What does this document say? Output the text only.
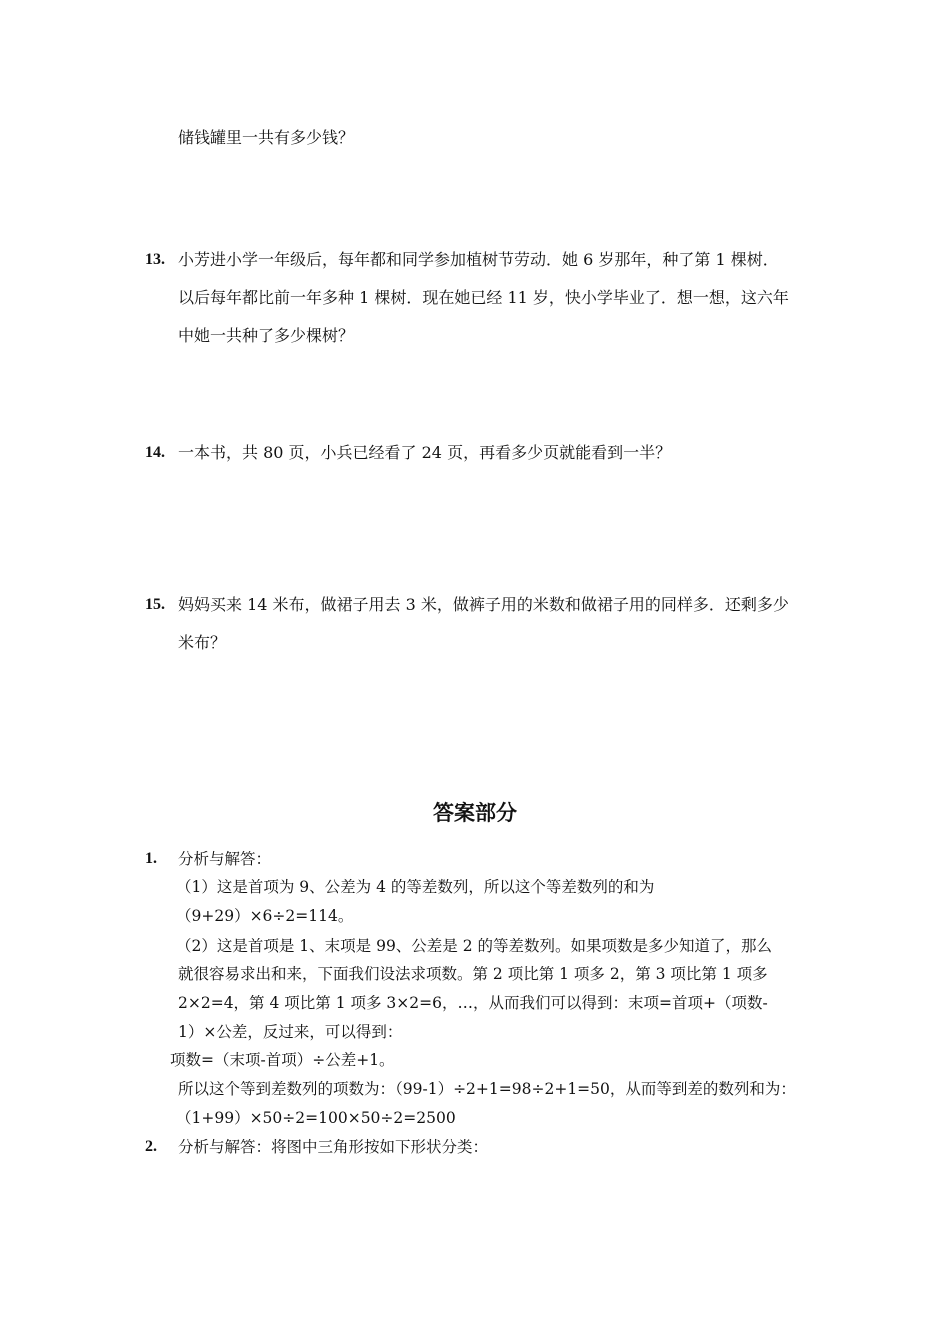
储钱罐里一共有多少钱？
13. 小芳进小学一年级后，每年都和同学参加植树节劳动．她 6 岁那年，种了第 1 棵树．
以后每年都比前一年多种 1 棵树．现在她已经 11 岁，快小学毕业了．想一想，这六年
中她一共种了多少棵树？
14. 一本书，共 80 页，小兵已经看了 24 页，再看多少页就能看到一半？
15. 妈妈买来 14 米布，做裙子用去 3 米，做裤子用的米数和做裙子用的同样多．还剩多少
米布？
答案部分
1. 分析与解答：
（1）这是首项为 9、公差为 4 的等差数列，所以这个等差数列的和为
（9+29）×6÷2=114。
（2）这是首项是 1、末项是 99、公差是 2 的等差数列。如果项数是多少知道了，那么
就很容易求出和来，下面我们设法求项数。第 2 项比第 1 项多 2，第 3 项比第 1 项多
2×2=4，第 4 项比第 1 项多 3×2=6，…，从而我们可以得到：末项=首项+（项数-
1）×公差，反过来，可以得到：
项数=（末项-首项）÷公差+1。
所以这个等到差数列的项数为：（99-1）÷2+1=98÷2+1=50，从而等到差的数列和为：
（1+99）×50÷2=100×50÷2=2500
2. 分析与解答：将图中三角形按如下形状分类：
